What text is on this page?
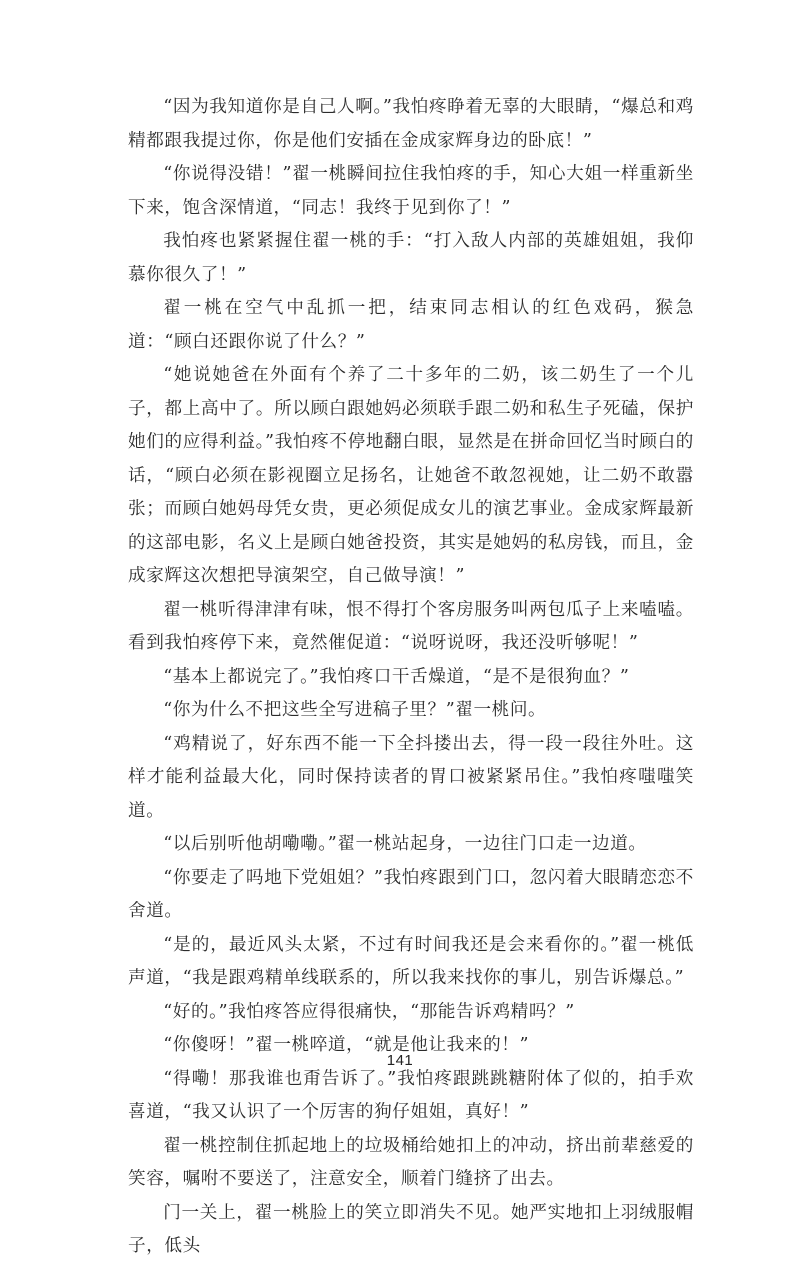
“因为我知道你是自己人啊。”我怕疼睁着无辜的大眼睛，“爆总和鸡精都跟我提过你，你是他们安插在金成家辉身边的卧底！”

“你说得没错！”翟一桃瞬间拉住我怕疼的手，知心大姐一样重新坐下来，饱含深情道，“同志！我终于见到你了！”

我怕疼也紧紧握住翟一桃的手：“打入敌人内部的英雄姐姐，我仰慕你很久了！”

翟一桃在空气中乱抓一把，结束同志相认的红色戏码，猴急道：“顾白还跟你说了什么？”

“她说她爸在外面有个养了二十多年的二奶，该二奶生了一个儿子，都上高中了。所以顾白跟她妈必须联手跟二奶和私生子死磕，保护她们的应得利益。”我怕疼不停地翻白眼，显然是在拼命回忆当时顾白的话，“顾白必须在影视圈立足扬名，让她爸不敢忽视她，让二奶不敢嚣张；而顾白她妈母凭女贵，更必须促成女儿的演艺事业。金成家辉最新的这部电影，名义上是顾白她爸投资，其实是她妈的私房钱，而且，金成家辉这次想把导演架空，自己做导演！”

翟一桃听得津津有味，恨不得打个客房服务叫两包瓜子上来嗑嗑。看到我怕疼停下来，竟然催促道：“说呀说呀，我还没听够呢！”

“基本上都说完了。”我怕疼口干舌燥道，“是不是很狗血？”

“你为什么不把这些全写进稿子里？”翟一桃问。

“鸡精说了，好东西不能一下全抖搂出去，得一段一段往外吐。这样才能利益最大化，同时保持读者的胃口被紧紧吊住。”我怕疼嗤嗤笑道。

“以后别听他胡嘞嘞。”翟一桃站起身，一边往门口走一边道。

“你要走了吗地下党姐姐？”我怕疼跟到门口，忽闪着大眼睛恋恋不舍道。

“是的，最近风头太紧，不过有时间我还是会来看你的。”翟一桃低声道，“我是跟鸡精单线联系的，所以我来找你的事儿，别告诉爆总。”

“好的。”我怕疼答应得很痛快，“那能告诉鸡精吗？”

“你傻呀！”翟一桃啐道，“就是他让我来的！”

“得嘞！那我谁也甭告诉了。”我怕疼跟跳跳糖附体了似的，拍手欢喜道，“我又认识了一个厉害的狗仔姐姐，真好！”

翟一桃控制住抓起地上的垃圾桶给她扣上的冲动，挤出前辈慈爱的笑容，嘱咐不要送了，注意安全，顺着门缝挤了出去。

门一关上，翟一桃脸上的笑立即消失不见。她严实地扣上羽绒服帽子，低头

141
